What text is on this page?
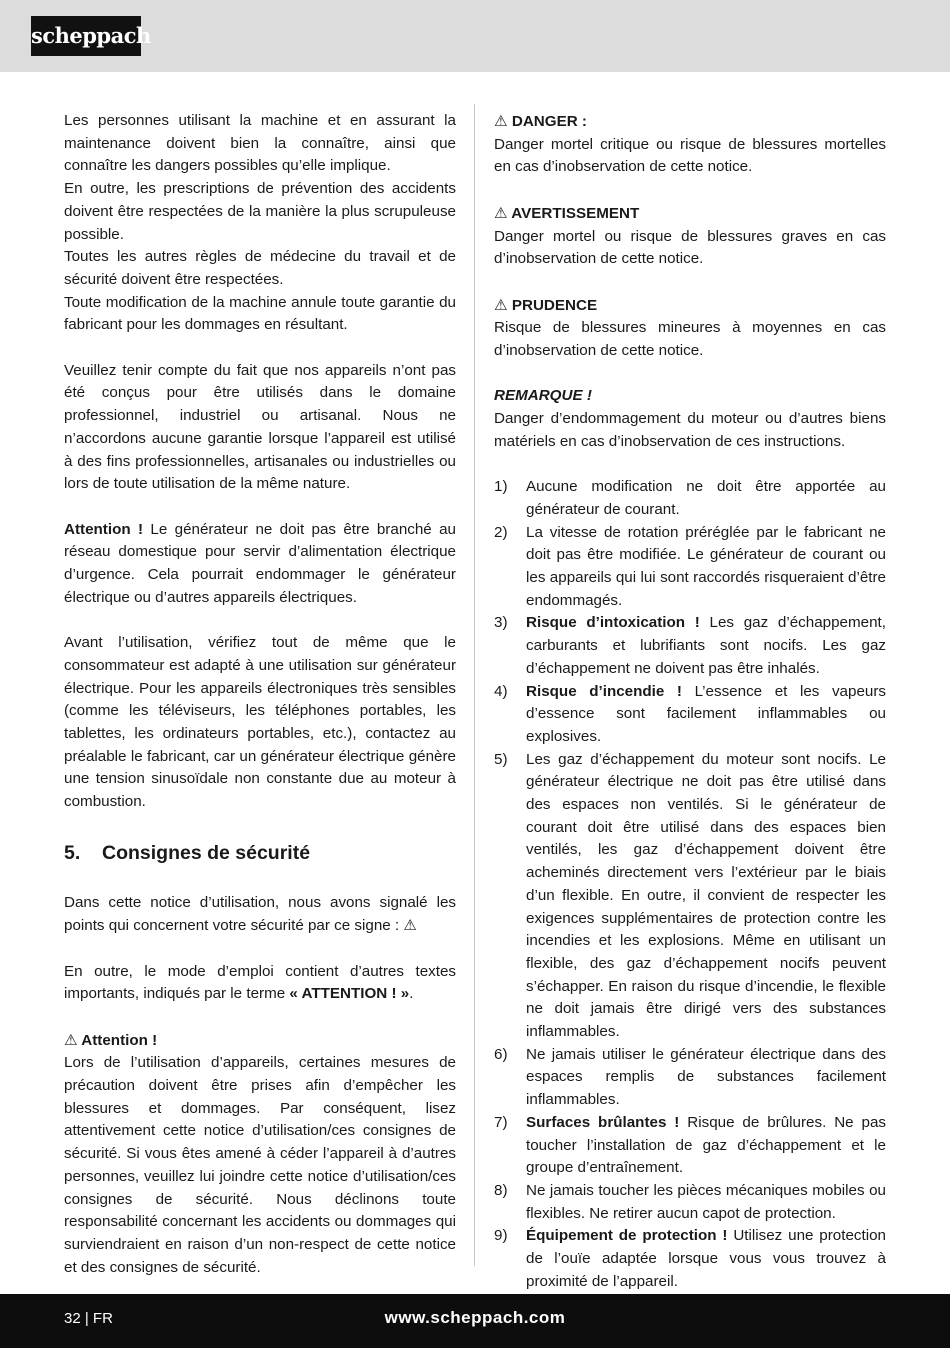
scheppach

Les personnes utilisant la machine et en assurant la maintenance doivent bien la connaître, ainsi que connaître les dangers possibles qu’elle implique.

En outre, les prescriptions de prévention des accidents doivent être respectées de la manière la plus scrupuleuse possible.

Toutes les autres règles de médecine du travail et de sécurité doivent être respectées.

Toute modification de la machine annule toute garantie du fabricant pour les dommages en résultant.

Veuillez tenir compte du fait que nos appareils n’ont pas été conçus pour être utilisés dans le domaine professionnel, industriel ou artisanal. Nous ne n’accordons aucune garantie lorsque l’appareil est utilisé à des fins professionnelles, artisanales ou industrielles ou lors de toute utilisation de la même nature.

Attention ! Le générateur ne doit pas être branché au réseau domestique pour servir d’alimentation électrique d’urgence. Cela pourrait endommager le générateur électrique ou d’autres appareils électriques.

Avant l’utilisation, vérifiez tout de même que le consommateur est adapté à une utilisation sur générateur électrique. Pour les appareils électroniques très sensibles (comme les téléviseurs, les téléphones portables, les tablettes, les ordinateurs portables, etc.), contactez au préalable le fabricant, car un générateur électrique génère une tension sinusoïdale non constante due au moteur à combustion.

5. Consignes de sécurité

Dans cette notice d’utilisation, nous avons signalé les points qui concernent votre sécurité par ce signe : ⚠

En outre, le mode d’emploi contient d’autres textes importants, indiqués par le terme « ATTENTION ! ».

⚠ Attention !

Lors de l’utilisation d’appareils, certaines mesures de précaution doivent être prises afin d’empêcher les blessures et dommages. Par conséquent, lisez attentivement cette notice d’utilisation/ces consignes de sécurité. Si vous êtes amené à céder l’appareil à d’autres personnes, veuillez lui joindre cette notice d’utilisation/ces consignes de sécurité. Nous déclinons toute responsabilité concernant les accidents ou dommages qui surviendraient en raison d’un non-respect de cette notice et des consignes de sécurité.

⚠ DANGER :

Danger mortel critique ou risque de blessures mortelles en cas d’inobservation de cette notice.

⚠ AVERTISSEMENT

Danger mortel ou risque de blessures graves en cas d’inobservation de cette notice.

⚠ PRUDENCE

Risque de blessures mineures à moyennes en cas d’inobservation de cette notice.

REMARQUE !

Danger d’endommagement du moteur ou d’autres biens matériels en cas d’inobservation de ces instructions.

1) Aucune modification ne doit être apportée au générateur de courant.
2) La vitesse de rotation préréglée par le fabricant ne doit pas être modifiée. Le générateur de courant ou les appareils qui lui sont raccordés risqueraient d’être endommagés.
3) Risque d’intoxication ! Les gaz d’échappement, carburants et lubrifiants sont nocifs. Les gaz d’échappement ne doivent pas être inhalés.
4) Risque d’incendie ! L’essence et les vapeurs d’essence sont facilement inflammables ou explosives.
5) Les gaz d’échappement du moteur sont nocifs. Le générateur électrique ne doit pas être utilisé dans des espaces non ventilés. Si le générateur de courant doit être utilisé dans des espaces bien ventilés, les gaz d’échappement doivent être acheminés directement vers l’extérieur par le biais d’un flexible. En outre, il convient de respecter les exigences supplémentaires de protection contre les incendies et les explosions. Même en utilisant un flexible, des gaz d’échappement nocifs peuvent s’échapper. En raison du risque d’incendie, le flexible ne doit jamais être dirigé vers des substances inflammables.
6) Ne jamais utiliser le générateur électrique dans des espaces remplis de substances facilement inflammables.
7) Surfaces brûlantes ! Risque de brûlures. Ne pas toucher l’installation de gaz d’échappement et le groupe d’entraînement.
8) Ne jamais toucher les pièces mécaniques mobiles ou flexibles. Ne retirer aucun capot de protection.
9) Équipement de protection ! Utilisez une protection de l’ouïe adaptée lorsque vous vous trouvez à proximité de l’appareil.
32 | FR	www.scheppach.com
